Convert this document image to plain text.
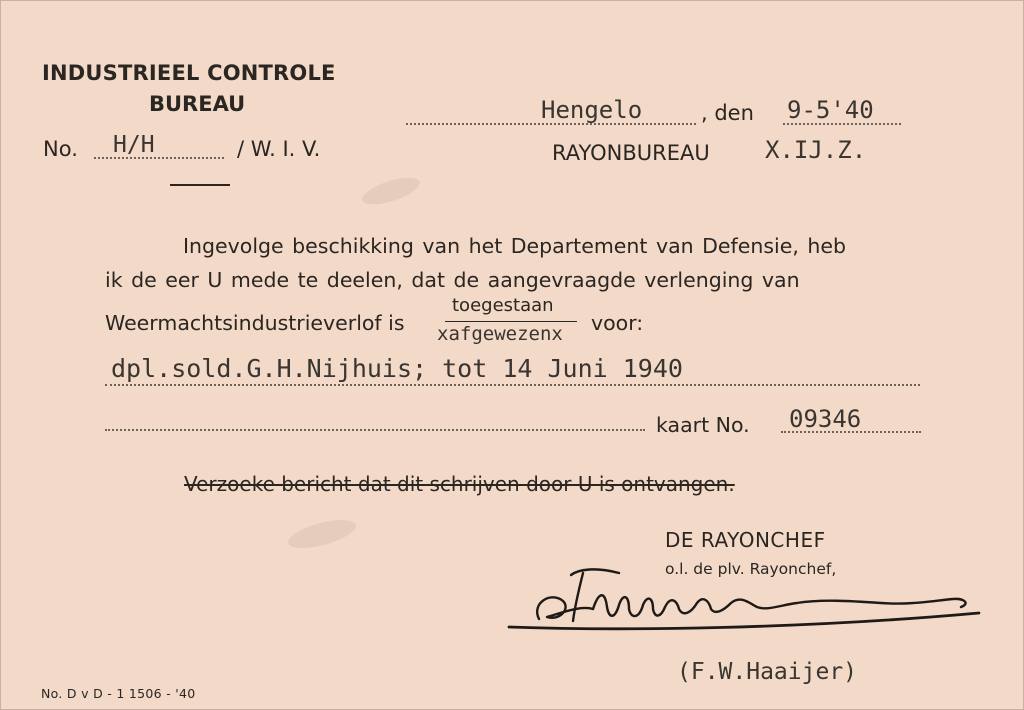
INDUSTRIEEL CONTROLE
BUREAU
No. H/H	/ W. I. V.
Hengelo	, den 9-5'40
RAYONBUREAU X.IJ.Z.
Ingevolge beschikking van het Departement van Defensie, heb
ik de eer U mede te deelen, dat de aangevraagde verlenging van
Weermachtsindustrieverlof is
toegestaan
xafgewezenx voor:
dpl.sold.G.H.Nijhuis; tot 14 Juni 1940
kaart No. 09346
Verzoeke bericht dat dit schrijven door U is ontvangen.
DE RAYONCHEF
o.l. de plv. Rayonchef,
(F.W.Haaijer)
No. D v D - 1 1506 - '40
